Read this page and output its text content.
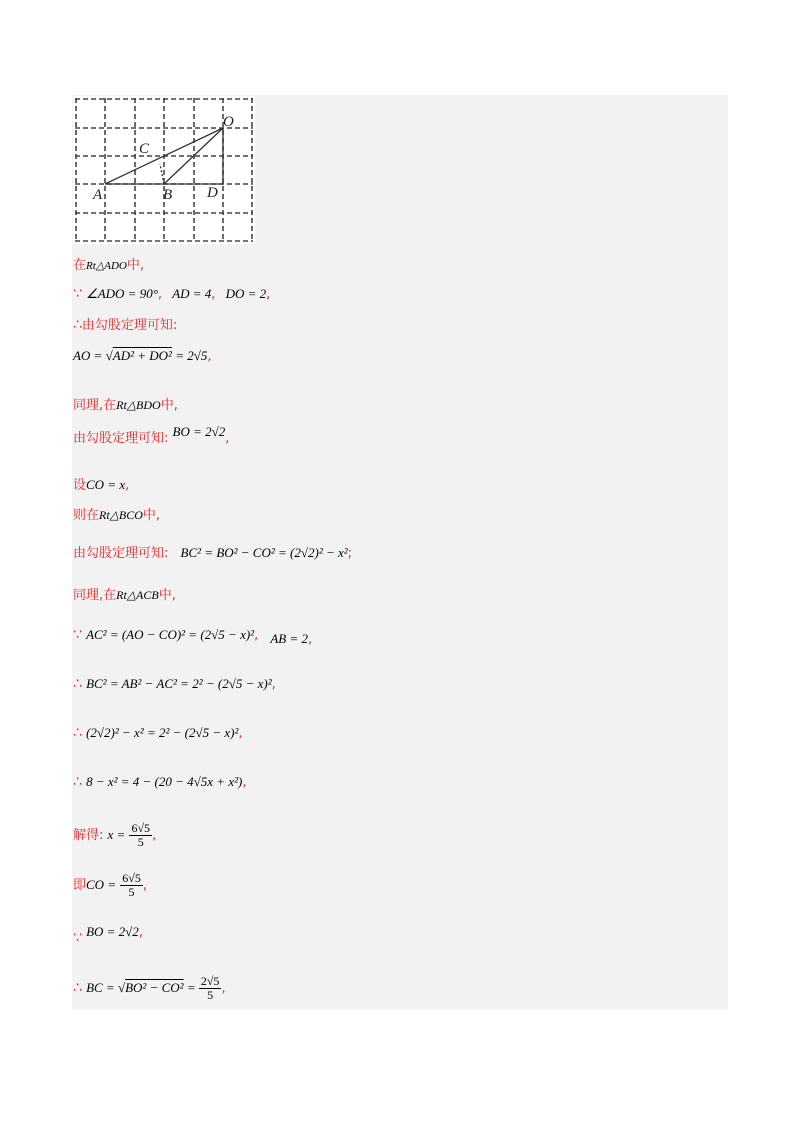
O
C
A	B D
在Rt△ADO中,
∵ ∠ADO = 90°, AD = 4, DO = 2,
∴由勾股定理可知:
AO = √AD² + DO² = 2√5,
同理,在Rt△BDO中,
由勾股定理可知: BO = 2√2,
设CO = x,
则在Rt△BCO中,
由勾股定理可知: BC² = BO² − CO² = (2√2)² − x²;
同理,在Rt△ACB中,
∵ AC² = (AO − CO)² = (2√5 − x)², AB = 2,
∴ BC² = AB² − AC² = 2² − (2√5 − x)²,
∴ (2√2)² − x² = 2² − (2√5 − x)²,
∴ 8 − x² = 4 − (20 − 4√5x + x²),
解得: $x = \frac{6√5}{5}$ ,
即CO = $\frac{6√5}{5}$ ,
∵ BO = 2√2,
∴ BC = $√BO^2 - CO^2 = \frac{2√5}{5}$ ,
